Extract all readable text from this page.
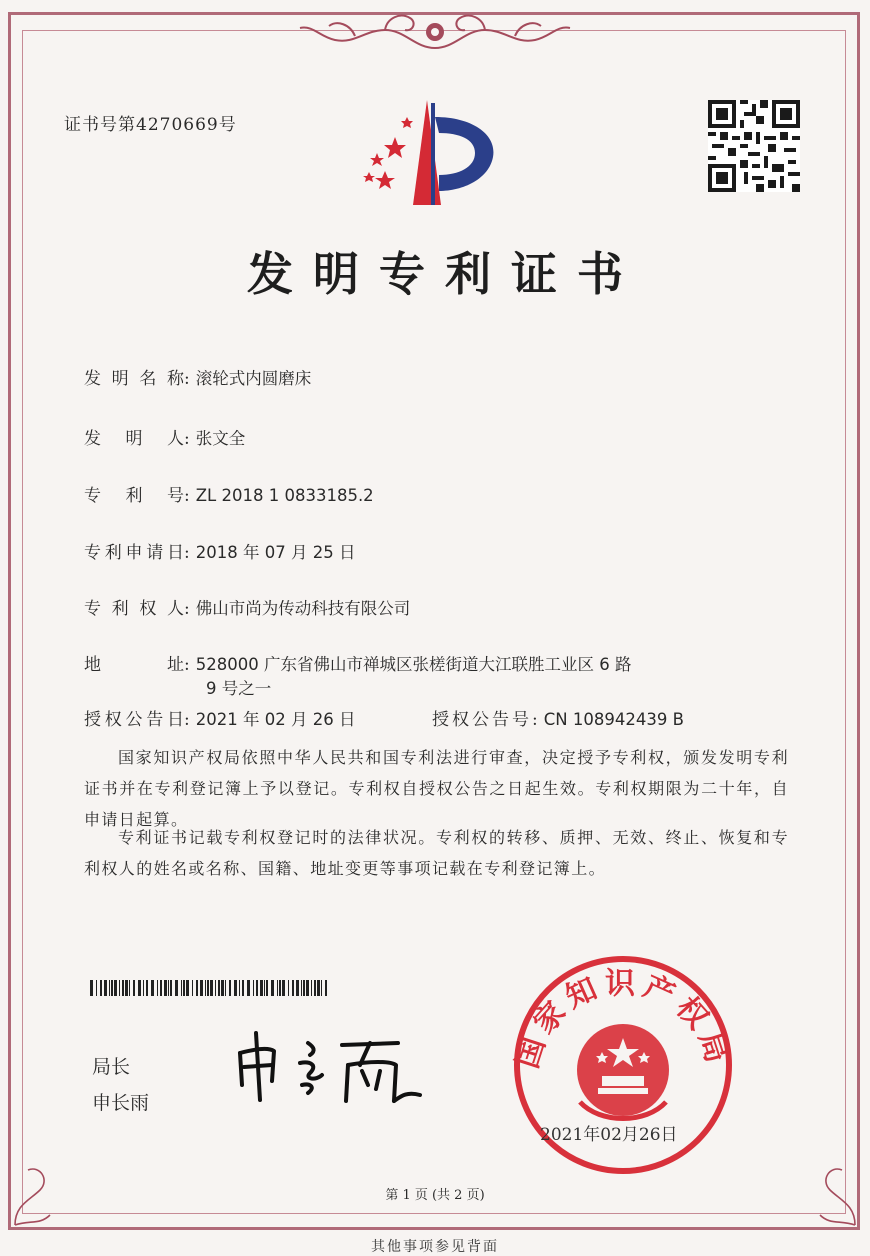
证书号第4270669号
发明专利证书
发 明 名 称 : 滚轮式内圆磨床
发 明 人 : 张文全
专 利 号 : ZL 2018 1 0833185.2
专 利 申 请 日 : 2018 年 07 月 25 日
专 利 权 人 : 佛山市尚为传动科技有限公司
地	址 : 528000 广东省佛山市禅城区张槎街道大江联胜工业区 6 路
9 号之一
授 权 公 告 日 : 2021 年 02 月 26 日	授权公告号: CN 108942439 B
国家知识产权局依照中华人民共和国专利法进行审查，决定授予专利权，颁发发明专利证书并在专利登记簿上予以登记。专利权自授权公告之日起生效。专利权期限为二十年，自申请日起算。
专利证书记载专利权登记时的法律状况。专利权的转移、质押、无效、终止、恢复和专利权人的姓名或名称、国籍、地址变更等事项记载在专利登记簿上。
局长
申长雨
国家知识产权局
2021年02月26日
第 1 页 (共 2 页)
其他事项参见背面
